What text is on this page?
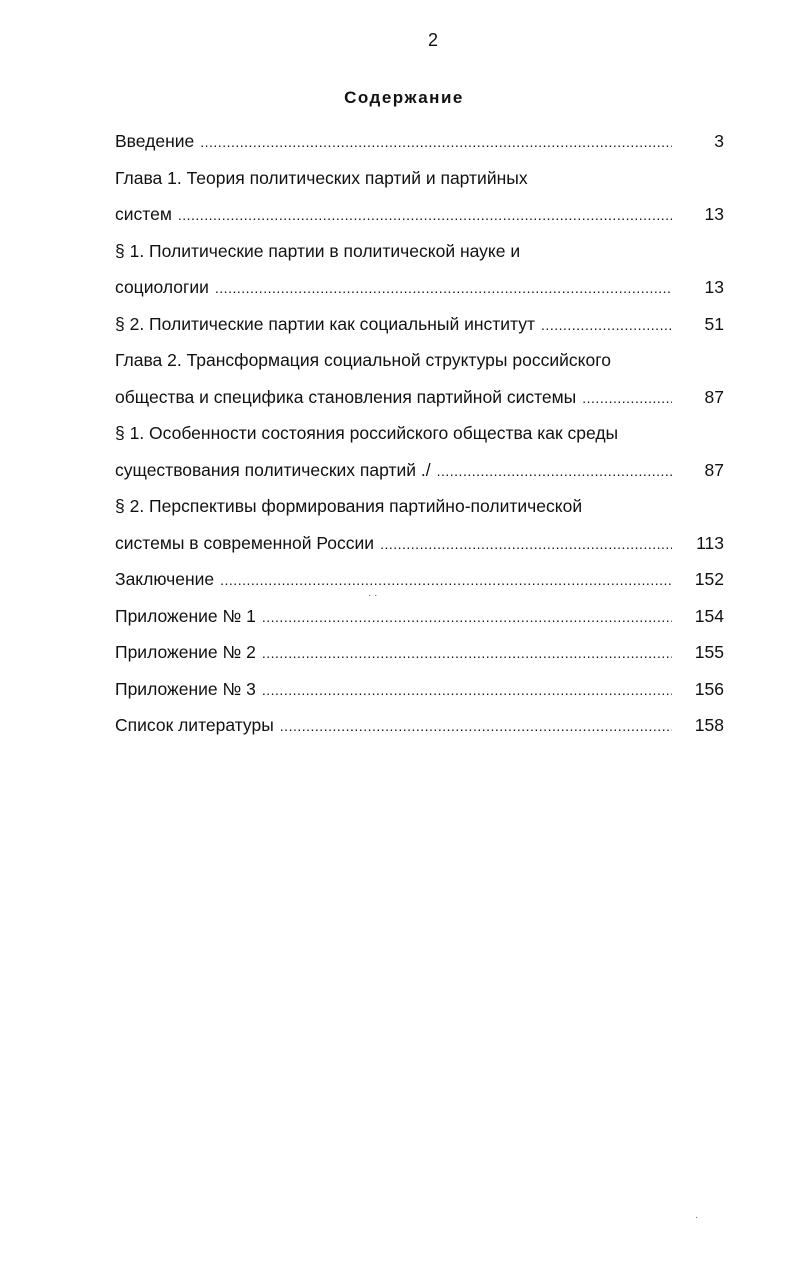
2
Содержание
Введение .....	3
Глава 1. Теория политических партий и партийных
систем .....	13
§ 1. Политические партии в политической науке и
социологии .....	13
§ 2. Политические партии как социальный институт .....	51
Глава 2. Трансформация социальной структуры российского
общества и специфика становления партийной системы .....	87
§ 1. Особенности состояния российского общества как среды
существования политических партий ./ .....	87
§ 2. Перспективы формирования партийно-политической
системы в современной России .....	113
Заключение .....	152
Приложение № 1 .....	154
Приложение № 2 .....	155
Приложение № 3 .....	156
Список литературы .....	158
· ·
·
